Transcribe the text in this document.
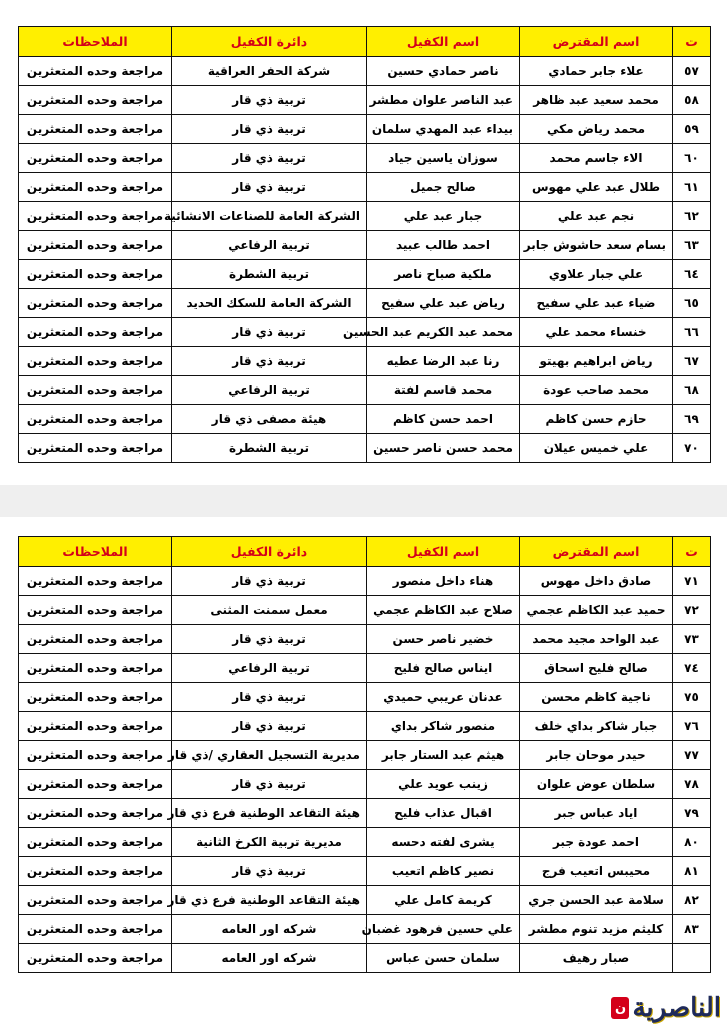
ت	اسم المقترض	اسم الكفيل	دائرة الكفيل	الملاحظات
٥٧	علاء جابر حمادي	ناصر حمادي حسين	شركة الحفر العراقية	مراجعة وحده المتعثرين
٥٨	محمد سعيد عبد ظاهر	عبد الناصر علوان مطشر	تربية ذي قار	مراجعة وحده المتعثرين
٥٩	محمد رياض مكي	بيداء عبد المهدي سلمان	تربية ذي قار	مراجعة وحده المتعثرين
٦٠	الاء جاسم محمد	سوزان ياسين جياد	تربية ذي قار	مراجعة وحده المتعثرين
٦١	طلال عبد علي مهوس	صالح جميل	تربية ذي قار	مراجعة وحده المتعثرين
٦٢	نجم عبد علي	جبار عبد علي	الشركة العامة للصناعات الانشائية	مراجعة وحده المتعثرين
٦٣	بسام سعد حاشوش جابر	احمد طالب عبيد	تربية الرفاعي	مراجعة وحده المتعثرين
٦٤	علي جبار علاوي	ملكية صباح ناصر	تربية الشطرة	مراجعة وحده المتعثرين
٦٥	ضياء عبد علي سفيح	رياض عبد علي سفيح	الشركة العامة للسكك الحديد	مراجعة وحده المتعثرين
٦٦	خنساء محمد علي	محمد عبد الكريم عبد الحسين	تربية ذي قار	مراجعة وحده المتعثرين
٦٧	رياض ابراهيم بهيتو	رنا عبد الرضا عطيه	تربية ذي قار	مراجعة وحده المتعثرين
٦٨	محمد صاحب عودة	محمد قاسم لفتة	تربية الرفاعي	مراجعة وحده المتعثرين
٦٩	حازم حسن كاظم	احمد حسن كاظم	هيئة مصفى ذي قار	مراجعة وحده المتعثرين
٧٠	علي خميس عيلان	محمد حسن ناصر حسين	تربية الشطرة	مراجعة وحده المتعثرين
ت	اسم المقترض	اسم الكفيل	دائرة الكفيل	الملاحظات
٧١	صادق داخل مهوس	هناء داخل منصور	تربية ذي قار	مراجعة وحده المتعثرين
٧٢	حميد عبد الكاظم عجمي	صلاح عبد الكاظم عجمي	معمل سمنت المثنى	مراجعة وحده المتعثرين
٧٣	عبد الواحد مجيد محمد	خضير ناصر حسن	تربية ذي قار	مراجعة وحده المتعثرين
٧٤	صالح فليح اسحاق	ايناس صالح فليح	تربية الرفاعي	مراجعة وحده المتعثرين
٧٥	ناجية كاظم محسن	عدنان عريبي حميدي	تربية ذي قار	مراجعة وحده المتعثرين
٧٦	جبار شاكر بداي خلف	منصور شاكر بداي	تربية ذي قار	مراجعة وحده المتعثرين
٧٧	حيدر موحان جابر	هيثم عبد الستار جابر	مديرية التسجيل العقاري /ذي قار	مراجعة وحده المتعثرين
٧٨	سلطان عوض علوان	زينب عويد علي	تربية ذي قار	مراجعة وحده المتعثرين
٧٩	اياد عباس جبر	اقبال عذاب فليح	هيئة التقاعد الوطنية فرع ذي قار	مراجعة وحده المتعثرين
٨٠	احمد عودة جبر	يشرى لفته دحسه	مديرية تربية الكرخ الثانية	مراجعة وحده المتعثرين
٨١	محيبس اتعيب فرج	نصير كاظم اتعيب	تربية ذي قار	مراجعة وحده المتعثرين
٨٢	سلامة عبد الحسن جري	كريمة كامل علي	هيئة التقاعد الوطنية فرع ذي قار	مراجعة وحده المتعثرين
٨٣	كليثم مزيد تنوم مطشر	علي حسين فرهود غضبان	شركه اور العامه	مراجعة وحده المتعثرين
	صبار رهيف	سلمان حسن عباس	شركه اور العامه	مراجعة وحده المتعثرين
الناصرية
ن
